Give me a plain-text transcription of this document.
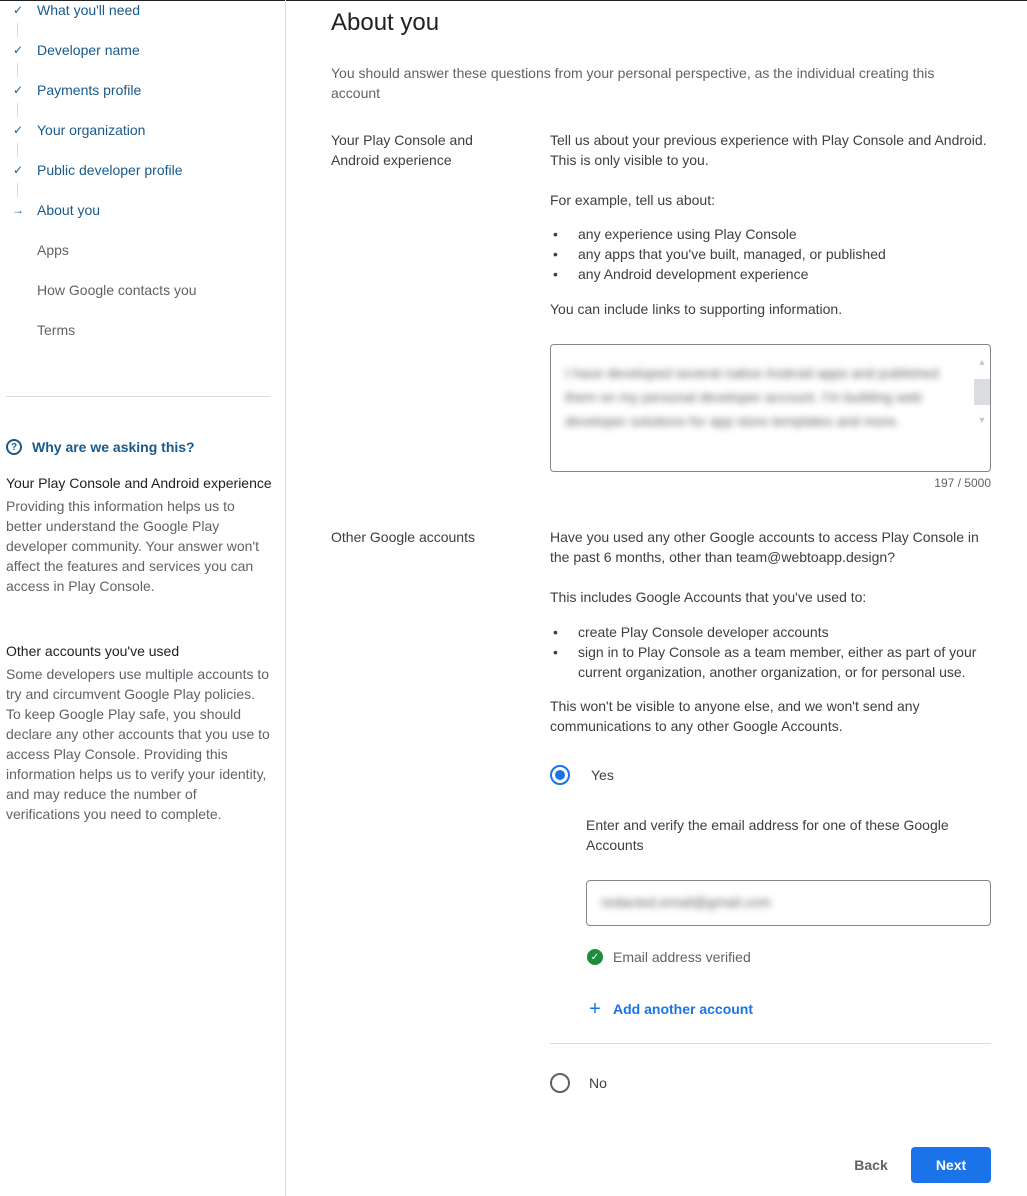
✓ What you'll need
✓ Developer name
✓ Payments profile
✓ Your organization
✓ Public developer profile
→ About you
Apps
How Google contacts you
Terms
?	Why are we asking this?
Your Play Console and Android experience
Providing this information helps us to better understand the Google Play developer community. Your answer won't affect the features and services you can access in Play Console.
Other accounts you've used
Some developers use multiple accounts to try and circumvent Google Play policies. To keep Google Play safe, you should declare any other accounts that you use to access Play Console. Providing this information helps us to verify your identity, and may reduce the number of verifications you need to complete.
About you

You should answer these questions from your personal perspective, as the individual creating this account

Your Play Console and Android experience
Tell us about your previous experience with Play Console and Android. This is only visible to you.
For example, tell us about:
• any experience using Play Console
• any apps that you've built, managed, or published
• any Android development experience
You can include links to supporting information.
I have developed several native Android apps and published them on my personal developer account. I'm building web developer solutions for app store templates and more.
▲
▼
197 / 5000
Other Google accounts	Have you used any other Google accounts to access Play Console in the past 6 months, other than team@webtoapp.design?
This includes Google Accounts that you've used to:
• create Play Console developer accounts
• sign in to Play Console as a team member, either as part of your current organization, another organization, or for personal use.
This won't be visible to anyone else, and we won't send any communications to any other Google Accounts.
Yes
Enter and verify the email address for one of these Google Accounts
redacted.email@gmail.com
✓ Email address verified
+ Add another account
No
Back	Next
